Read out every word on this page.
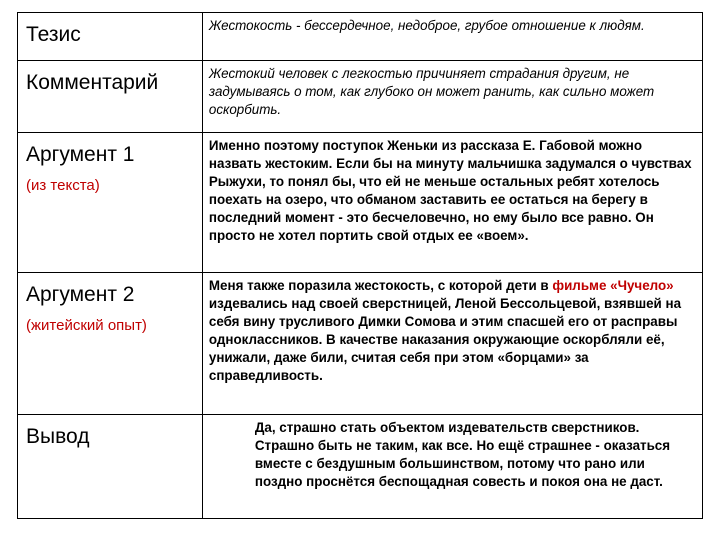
Тезис	Жестокость - бессердечное, недоброе, грубое отношение к людям.

Комментарий	Жестокий человек с легкостью причиняет страдания другим, не задумываясь о том, как глубоко он может ранить, как сильно может оскорбить.

Аргумент 1
(из текста)	Именно поэтому поступок Женьки из рассказа Е. Габовой можно назвать жестоким. Если бы на минуту мальчишка задумался о чувствах Рыжухи, то понял бы, что ей не меньше остальных ребят хотелось поехать на озеро, что обманом заставить ее остаться на берегу в последний момент - это бесчеловечно, но ему было все равно. Он просто не хотел портить свой отдых ее «воем».

Аргумент 2
(житейский опыт)	Меня также поразила жестокость, с которой дети в фильме «Чучело» издевались над своей сверстницей, Леной Бессольцевой, взявшей на себя вину трусливого Димки Сомова и этим спасшей его от расправы одноклассников. В качестве наказания окружающие оскорбляли её, унижали, даже били, считая себя при этом «борцами» за справедливость.

Вывод	Да, страшно стать объектом издевательств сверстников. Страшно быть не таким, как все. Но ещё страшнее - оказаться вместе с бездушным большинством, потому что рано или поздно проснётся беспощадная совесть и покоя она не даст.
